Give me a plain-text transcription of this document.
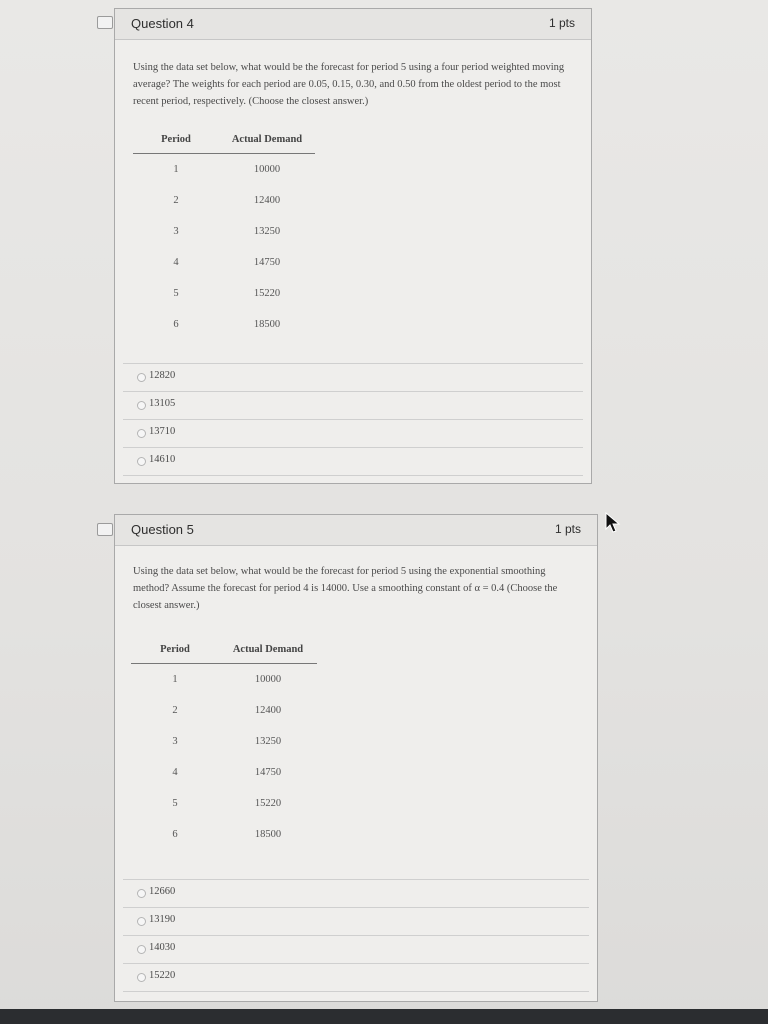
Question 4	1 pts
Using the data set below, what would be the forecast for period 5 using a four period weighted moving average? The weights for each period are 0.05, 0.15, 0.30, and 0.50 from the oldest period to the most recent period, respectively. (Choose the closest answer.)
Period	Actual Demand
1	10000
2	12400
3	13250
4	14750
5	15220
6	18500
12820
13105
13710
14610
Question 5	1 pts
Using the data set below, what would be the forecast for period 5 using the exponential smoothing method? Assume the forecast for period 4 is 14000. Use a smoothing constant of α = 0.4 (Choose the closest answer.)
Period	Actual Demand
1	10000
2	12400
3	13250
4	14750
5	15220
6	18500
12660
13190
14030
15220
